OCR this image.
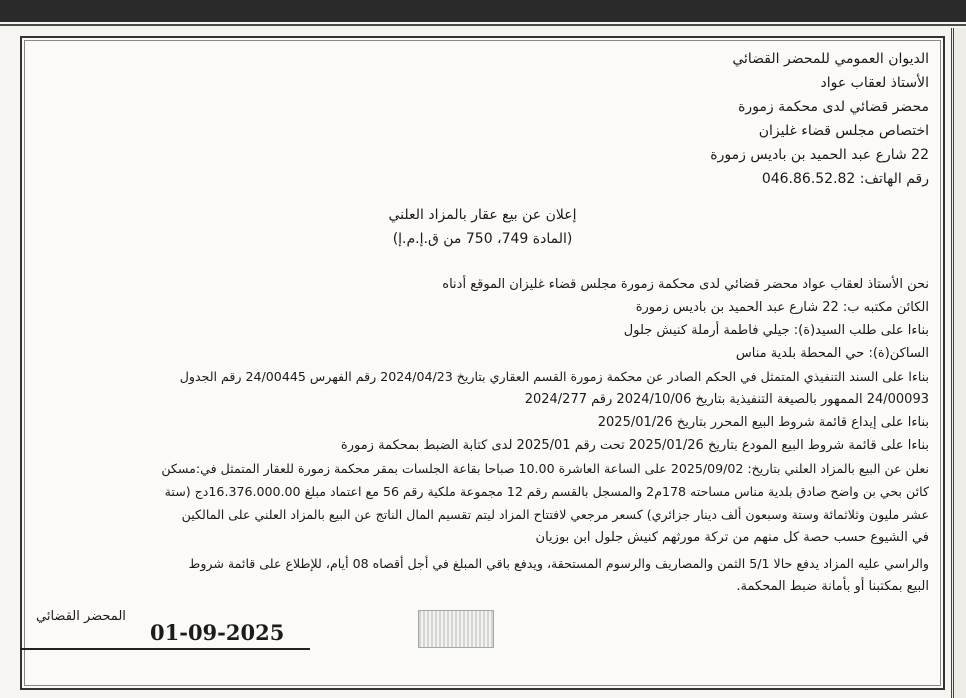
الديوان العمومي للمحضر القضائي

الأستاذ لعقاب عواد

محضر قضائي لدى محكمة زمورة

اختصاص مجلس قضاء غليزان

22 شارع عبد الحميد بن باديس زمورة

رقم الهاتف: 046.86.52.82

إعلان عن بيع عقار بالمزاد العلني

(المادة 749، 750 من ق.إ.م.إ)

نحن الأستاذ لعقاب عواد محضر قضائي لدى محكمة زمورة مجلس قضاء غليزان الموقع أدناه

الكائن مكتبه ب: 22 شارع عبد الحميد بن باديس زمورة

بناءا على طلب السيد(ة): جيلي فاطمة أرملة كنيش جلول

الساكن(ة): حي المحطة بلدية مناس

بناءا على السند التنفيذي المتمثل في الحكم الصادر عن محكمة زمورة القسم العقاري بتاريخ 2024/04/23 رقم الفهرس 24/00445 رقم الجدول

24/00093 الممهور بالصيغة التنفيذية بتاريخ 2024/10/06 رقم 2024/277

بناءا على إيداع قائمة شروط البيع المحرر بتاريخ 2025/01/26

بناءا على قائمة شروط البيع المودع بتاريخ 2025/01/26 تحت رقم 2025/01 لدى كتابة الضبط بمحكمة زمورة

نعلن عن البيع بالمزاد العلني بتاريخ: 2025/09/02 على الساعة العاشرة 10.00 صباحا بقاعة الجلسات بمقر محكمة زمورة للعقار المتمثل في:مسكن

كائن بحي بن واضح صادق بلدية مناس مساحته 178م2 والمسجل بالقسم رقم 12 مجموعة ملكية رقم 56 مع اعتماد مبلغ 16.376.000.00دج (ستة

عشر مليون وثلاثمائة وستة وسبعون ألف دينار جزائري) كسعر مرجعي لافتتاح المزاد ليتم تقسيم المال الناتج عن البيع بالمزاد العلني على المالكين

في الشيوع حسب حصة كل منهم من تركة مورثهم كنيش جلول ابن بوزيان

والراسي عليه المزاد يدفع حالا 5/1 الثمن والمصاريف والرسوم المستحقة، ويدفع باقي المبلغ في أجل أقصاه 08 أيام، للإطلاع على قائمة شروط

البيع بمكتبنا أو بأمانة ضبط المحكمة.

المحضر القضائي

01-09-2025
